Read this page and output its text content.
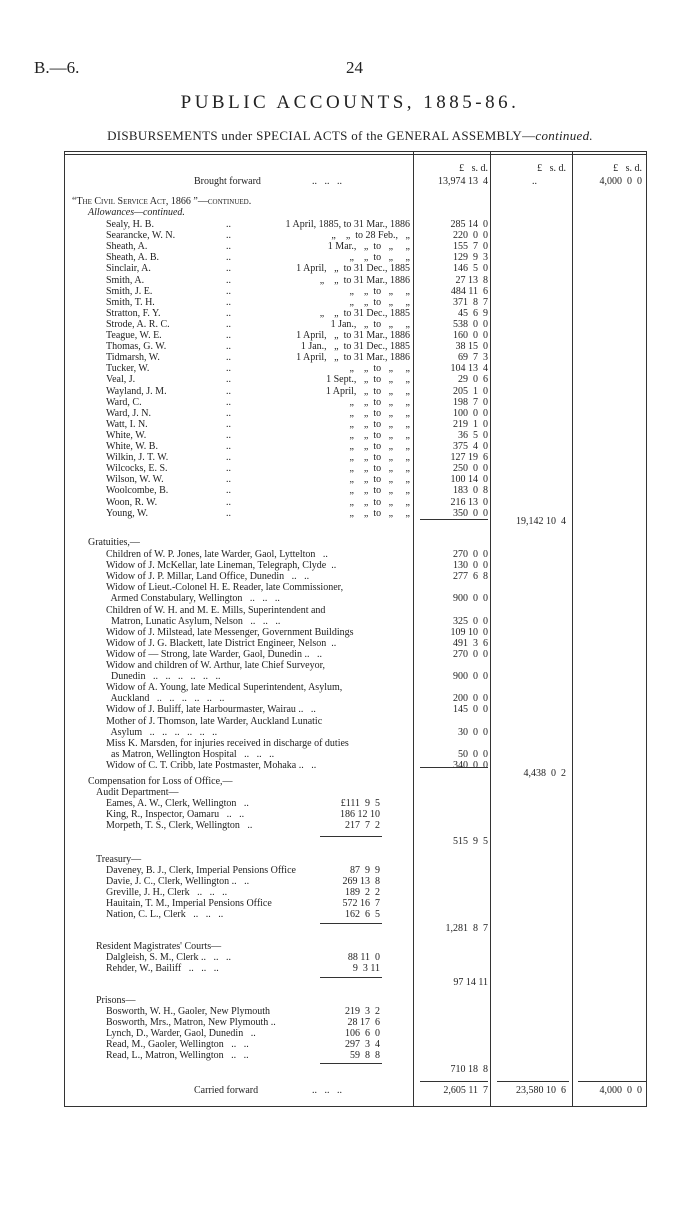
B.—6.	24
PUBLIC ACCOUNTS, 1885-86.
DISBURSEMENTS under SPECIAL ACTS of the GENERAL ASSEMBLY—continued.
£   s. d.	£   s. d.	£   s. d.
Brought forward	..   ..   ..	13,974 13  4	..	4,000  0  0
“The Civil Service Act, 1866 ”—continued.
Allowances—continued.
Sealy, H. B.	..	1 April, 1885, to 31 Mar., 1886	285 14  0
Searancke, W. N.	..	„    „  to 28 Feb.,   „	220  0  0
Sheath, A.	..	1 Mar.,   „  to   „     „	155  7  0
Sheath, A. B.	..	„    „  to   „     „	129  9  3
Sinclair, A.	..	1 April,   „  to 31 Dec., 1885	146  5  0
Smith, A.	..	„    „  to 31 Mar., 1886	27 13  8
Smith, J. E.	..	„    „  to   „     „	484 11  6
Smith, T. H.	..	„    „  to   „     „	371  8  7
Stratton, F. Y.	..	„    „  to 31 Dec., 1885	45  6  9
Strode, A. R. C.	..	1 Jan.,   „  to   „     „	538  0  0
Teague, W. E.	..	1 April,   „  to 31 Mar., 1886	160  0  0
Thomas, G. W.	..	1 Jan.,   „  to 31 Dec., 1885	38 15  0
Tidmarsh, W.	..	1 April,   „  to 31 Mar., 1886	69  7  3
Tucker, W.	..	„    „  to   „     „	104 13  4
Veal, J.	..	1 Sept.,   „  to   „     „	29  0  6
Wayland, J. M.	..	1 April,   „  to   „     „	205  1  0
Ward, C.	..	„    „  to   „     „	198  7  0
Ward, J. N.	..	„    „  to   „     „	100  0  0
Watt, I. N.	..	„    „  to   „     „	219  1  0
White, W.	..	„    „  to   „     „	36  5  0
White, W. B.	..	„    „  to   „     „	375  4  0
Wilkin, J. T. W.	..	„    „  to   „     „	127 19  6
Wilcocks, E. S.	..	„    „  to   „     „	250  0  0
Wilson, W. W.	..	„    „  to   „     „	100 14  0
Woolcombe, B.	..	„    „  to   „     „	183  0  8
Woon, R. W.	..	„    „  to   „     „	216 13  0
Young, W.	..	„    „  to   „     „	350  0  0
19,142 10  4
Gratuities,—
Children of W. P. Jones, late Warder, Gaol, Lyttelton   ..	270  0  0
Widow of J. McKellar, late Lineman, Telegraph, Clyde  ..	130  0  0
Widow of J. P. Millar, Land Office, Dunedin   ..   ..	277  6  8
Widow of Lieut.-Colonel H. E. Reader, late Commissioner,
Armed Constabulary, Wellington   ..   ..   ..	900  0  0
Children of W. H. and M. E. Mills, Superintendent and
Matron, Lunatic Asylum, Nelson   ..   ..   ..	325  0  0
Widow of J. Milstead, late Messenger, Government Buildings	109 10  0
Widow of J. G. Blackett, late District Engineer, Nelson  ..	491  3  6
Widow of — Strong, late Warder, Gaol, Dunedin ..   ..	270  0  0
Widow and children of W. Arthur, late Chief Surveyor,
Dunedin   ..   ..   ..   ..   ..   ..	900  0  0
Widow of A. Young, late Medical Superintendent, Asylum,
Auckland   ..   ..   ..   ..   ..   ..	200  0  0
Widow of J. Buliff, late Harbourmaster, Wairau ..   ..	145  0  0
Mother of J. Thomson, late Warder, Auckland Lunatic
Asylum   ..   ..   ..   ..   ..   ..	30  0  0
Miss K. Marsden, for injuries received in discharge of duties
as Matron, Wellington Hospital   ..   ..   ..	50  0  0
Widow of C. T. Cribb, late Postmaster, Mohaka ..   ..	340  0  0
4,438  0  2
Compensation for Loss of Office,—
Audit Department—
Eames, A. W., Clerk, Wellington   ..	£111  9  5
King, R., Inspector, Oamaru   ..   ..	186 12 10
Morpeth, T. S., Clerk, Wellington   ..	217  7  2
515  9  5
Treasury—
Daveney, B. J., Clerk, Imperial Pensions Office	87  9  9
Davie, J. C., Clerk, Wellington ..   ..	269 13  8
Greville, J. H., Clerk   ..   ..   ..	189  2  2
Hauitain, T. M., Imperial Pensions Office	572 16  7
Nation, C. L., Clerk   ..   ..   ..	162  6  5
1,281  8  7
Resident Magistrates' Courts—
Dalgleish, S. M., Clerk ..   ..   ..	88 11  0
Rehder, W., Bailiff   ..   ..   ..	9  3 11
97 14 11
Prisons—
Bosworth, W. H., Gaoler, New Plymouth	219  3  2
Bosworth, Mrs., Matron, New Plymouth ..	28 17  6
Lynch, D., Warder, Gaol, Dunedin   ..	106  6  0
Read, M., Gaoler, Wellington   ..   ..	297  3  4
Read, L., Matron, Wellington   ..   ..	59  8  8
710 18  8
Carried forward	..   ..   ..	2,605 11  7	23,580 10  6	4,000  0  0
